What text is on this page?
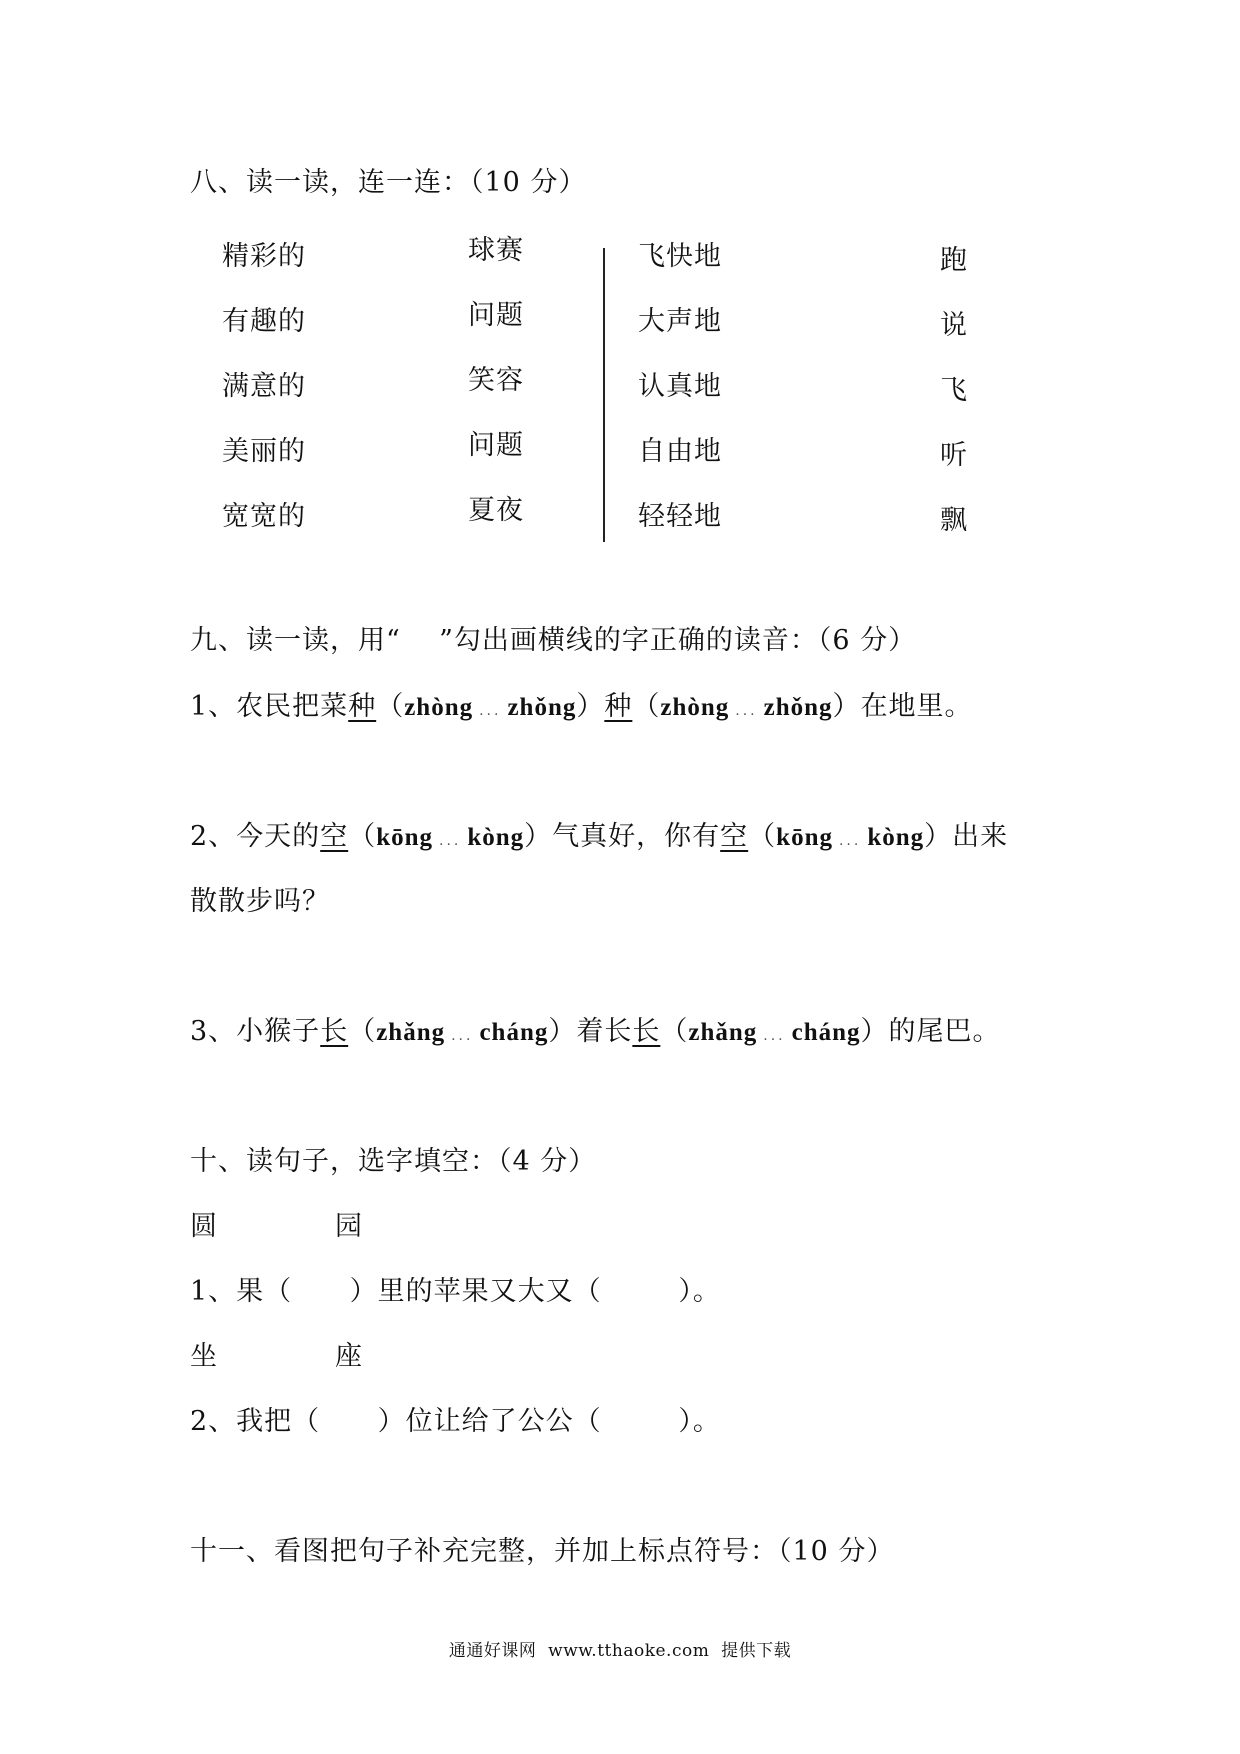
八、读一读，连一连：（10 分）
精彩的
有趣的
满意的
美丽的
宽宽的
球赛
问题
笑容
问题
夏夜
飞快地
大声地
认真地
自由地
轻轻地
跑
说
飞
听
飘
九、读一读，用“    ”勾出画横线的字正确的读音：（6 分）
1、农民把菜种（zhòng ... zhǒng）种（zhòng ... zhǒng）在地里。
2、今天的空（kōng ... kòng）气真好，你有空（kōng ... kòng）出来
散散步吗？
3、小猴子长（zhǎng ... cháng）着长长（zhǎng ... cháng）的尾巴。
十、读句子，选字填空：（4 分）
圆	园
1、果（      ）里的苹果又大又（        ）。
坐	座
2、我把（      ）位让给了公公（        ）。
十一、看图把句子补充完整，并加上标点符号：（10 分）
通通好课网  www.tthaoke.com  提供下载
